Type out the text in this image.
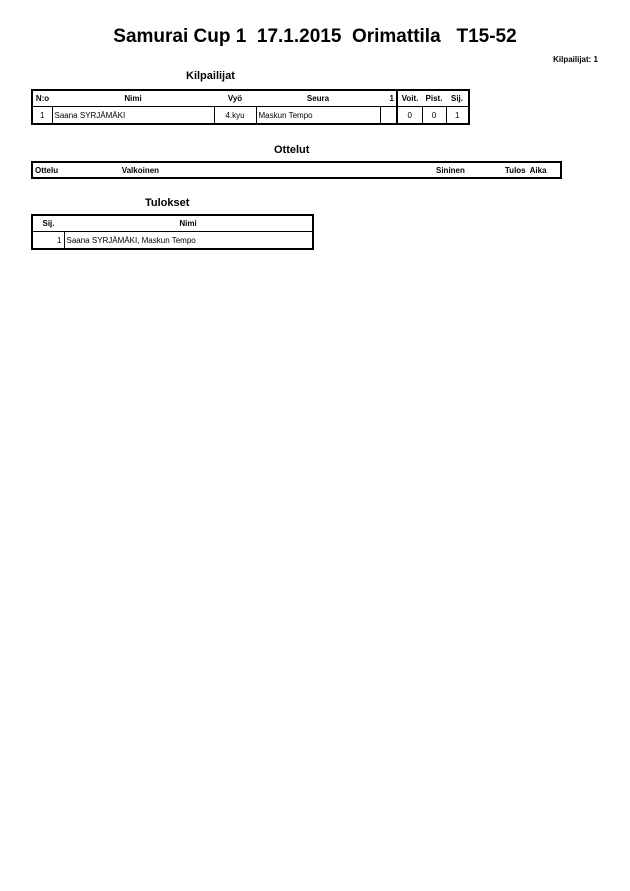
Samurai Cup 1  17.1.2015  Orimattila   T15-52
Kilpailijat: 1
Kilpailijat
N:o	Nimi	Vyö	Seura	1	Voit.	Pist.	Sij.
1	Saana SYRJÄMÄKI	4.kyu	Maskun Tempo		0	0	1
Ottelut
Ottelu	Valkoinen	Sininen	Tulos	Aika
Tulokset
Sij.	Nimi
1	Saana SYRJÄMÄKI, Maskun Tempo
